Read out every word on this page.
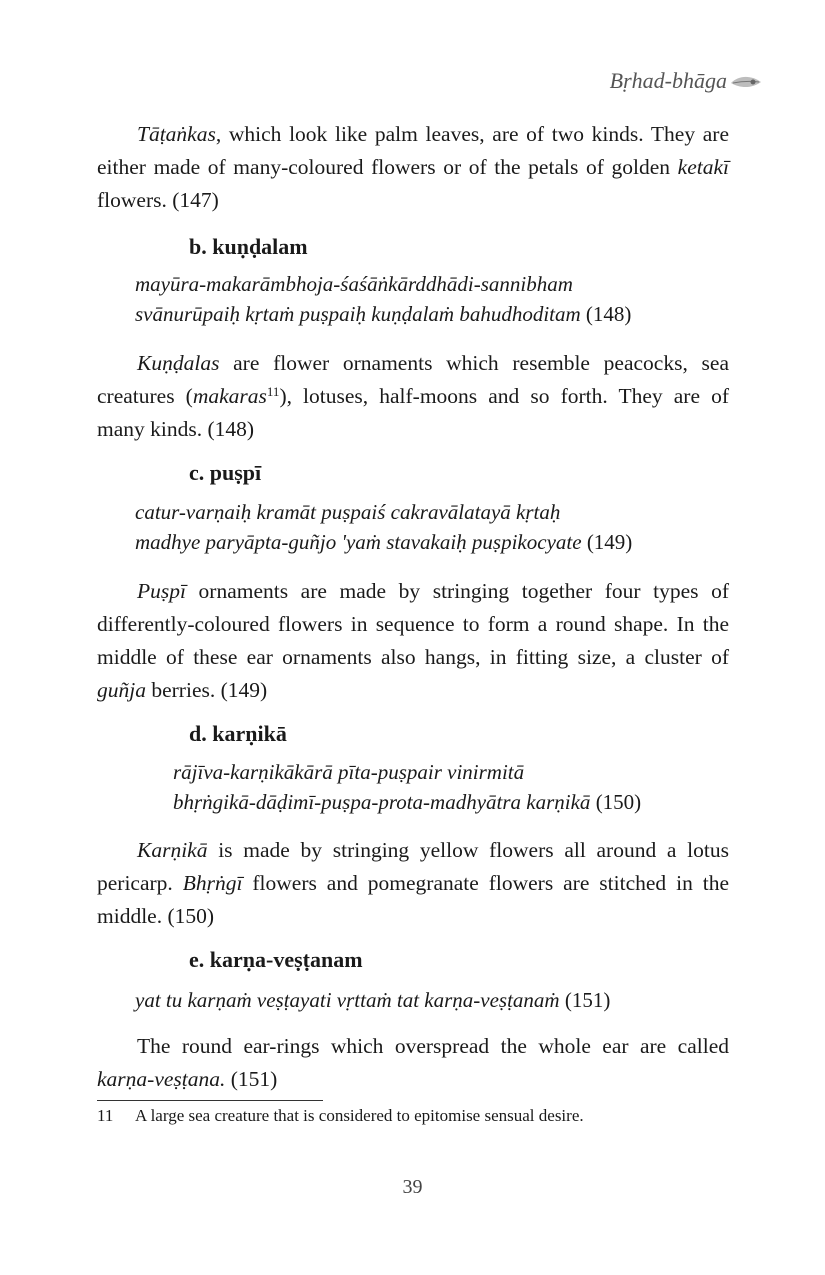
Bṛhad-bhāga

Tāṭaṅkas, which look like palm leaves, are of two kinds. They are either made of many-coloured flowers or of the petals of golden ketakī flowers. (147)

b. kuṇḍalam
mayūra-makarāmbhoja-śaśāṅkārddhādi-sannibham
svānurūpaiḥ kṛtaṁ puṣpaiḥ kuṇḍalaṁ bahudhoditam (148)

Kuṇḍalas are flower ornaments which resemble peacocks, sea creatures (makaras$^{11}$), lotuses, half-moons and so forth. They are of many kinds. (148)

c. puṣpī
catur-varṇaiḥ kramāt puṣpaiś cakravālatayā kṛtaḥ
madhye paryāpta-guñjo 'yaṁ stavakaiḥ puṣpikocyate (149)

Puṣpī ornaments are made by stringing together four types of differently-coloured flowers in sequence to form a round shape. In the middle of these ear ornaments also hangs, in fitting size, a cluster of guñja berries. (149)

d. karṇikā
rājīva-karṇikākārā pīta-puṣpair vinirmitā
bhṛṅgikā-dāḍimī-puṣpa-prota-madhyātra karṇikā (150)

Karṇikā is made by stringing yellow flowers all around a lotus pericarp. Bhṛṅgī flowers and pomegranate flowers are stitched in the middle. (150)

e. karṇa-veṣṭanam
yat tu karṇaṁ veṣṭayati vṛttaṁ tat karṇa-veṣṭanaṁ (151)

The round ear-rings which overspread the whole ear are called karṇa-veṣṭana. (151)

11 A large sea creature that is considered to epitomise sensual desire.
39
